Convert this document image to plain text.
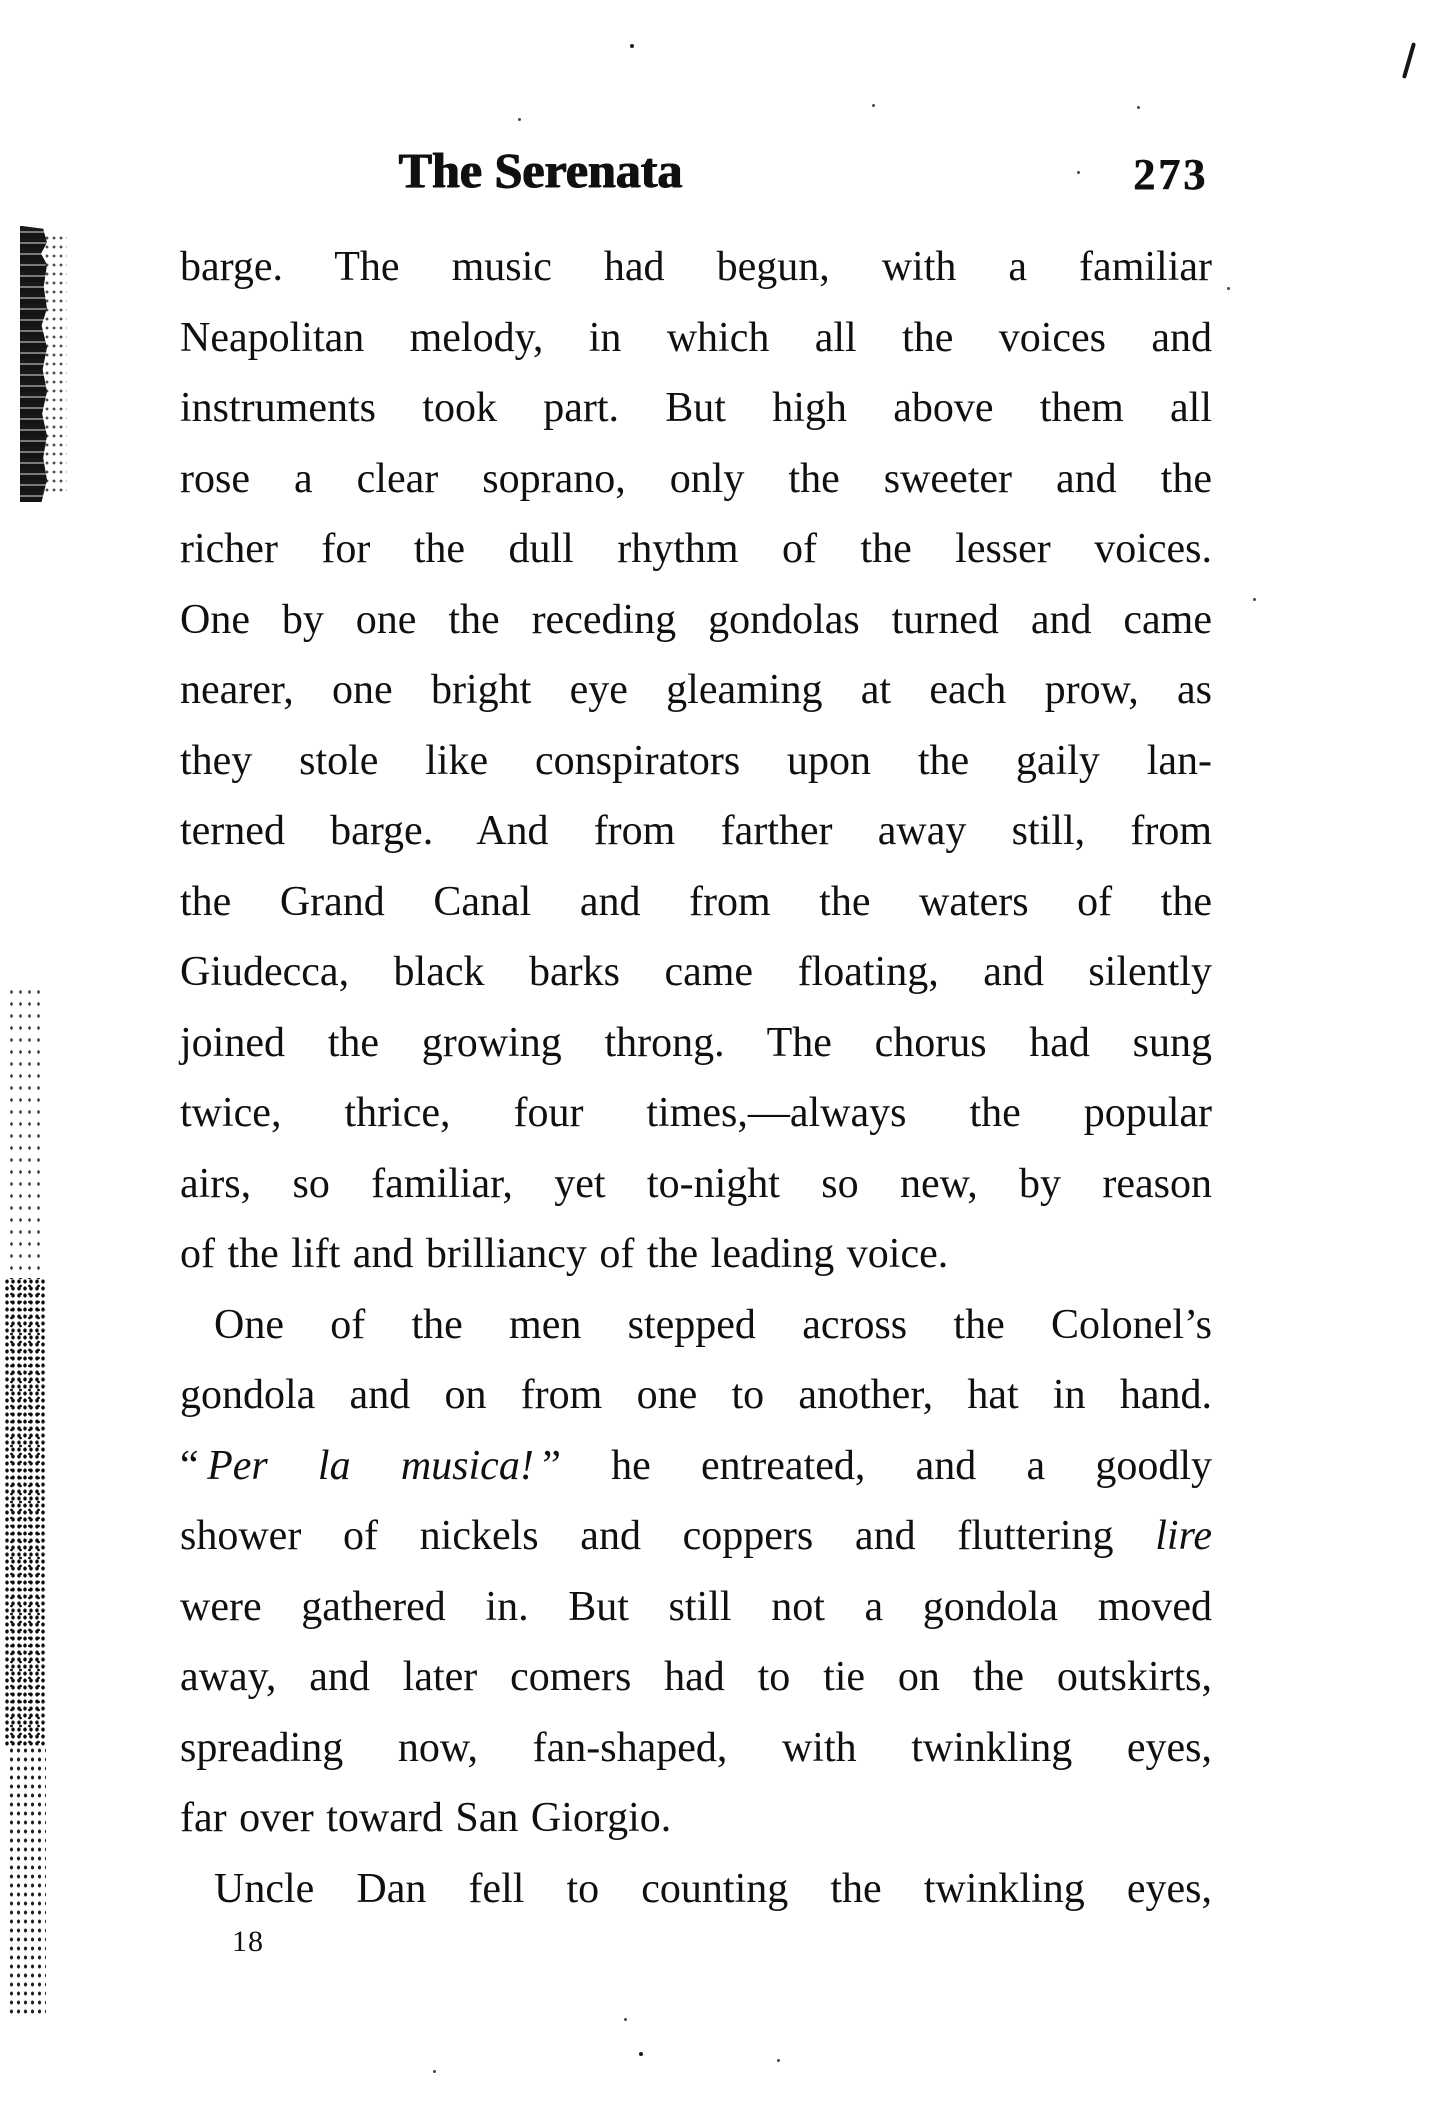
The Serenata	273
barge. The music had begun, with a familiar
Neapolitan melody, in which all the voices and
instruments took part. But high above them all
rose a clear soprano, only the sweeter and the
richer for the dull rhythm of the lesser voices.
One by one the receding gondolas turned and came
nearer, one bright eye gleaming at each prow, as
they stole like conspirators upon the gaily lan-
terned barge. And from farther away still, from
the Grand Canal and from the waters of the
Giudecca, black barks came floating, and silently
joined the growing throng. The chorus had sung
twice, thrice, four times,—always the popular
airs, so familiar, yet to-night so new, by reason
of the lift and brilliancy of the leading voice.
One of the men stepped across the Colonel’s
gondola and on from one to another, hat in hand.
“ Per la musica! ” he entreated, and a goodly
shower of nickels and coppers and fluttering lire
were gathered in. But still not a gondola moved
away, and later comers had to tie on the outskirts,
spreading now, fan-shaped, with twinkling eyes,
far over toward San Giorgio.
Uncle Dan fell to counting the twinkling eyes,
18
